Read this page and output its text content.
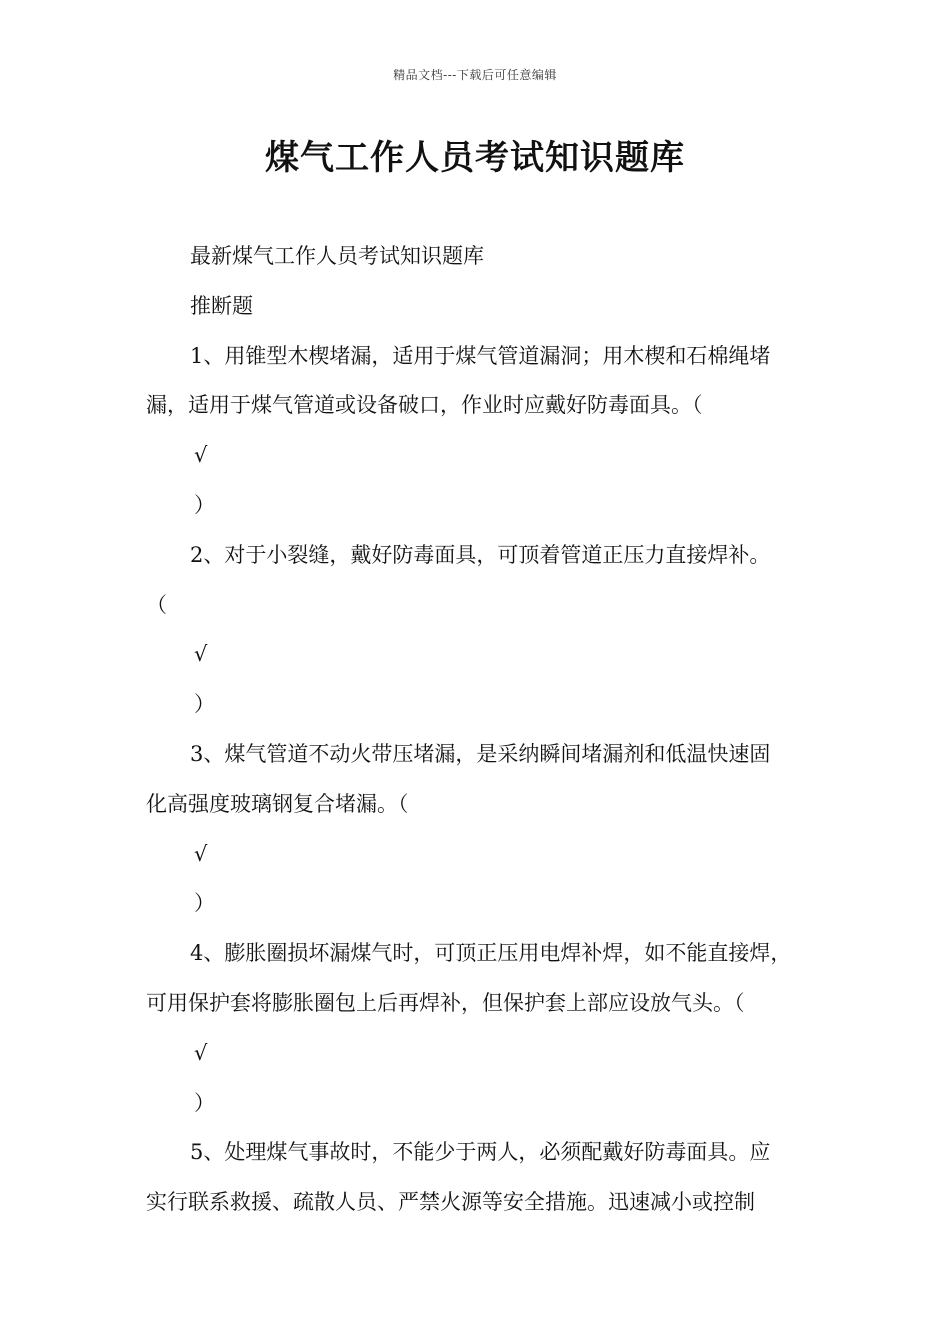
精品文档---下载后可任意编辑
煤气工作人员考试知识题库

最新煤气工作人员考试知识题库

推断题

1、用锥型木楔堵漏，适用于煤气管道漏洞；用木楔和石棉绳堵

漏，适用于煤气管道或设备破口，作业时应戴好防毒面具。（

√

）

2、对于小裂缝，戴好防毒面具，可顶着管道正压力直接焊补。

（

√

）

3、煤气管道不动火带压堵漏，是采纳瞬间堵漏剂和低温快速固

化高强度玻璃钢复合堵漏。（

√

）

4、膨胀圈损坏漏煤气时，可顶正压用电焊补焊，如不能直接焊，

可用保护套将膨胀圈包上后再焊补，但保护套上部应设放气头。（

√

）

5、处理煤气事故时，不能少于两人，必须配戴好防毒面具。应

实行联系救援、疏散人员、严禁火源等安全措施。迅速减小或控制
